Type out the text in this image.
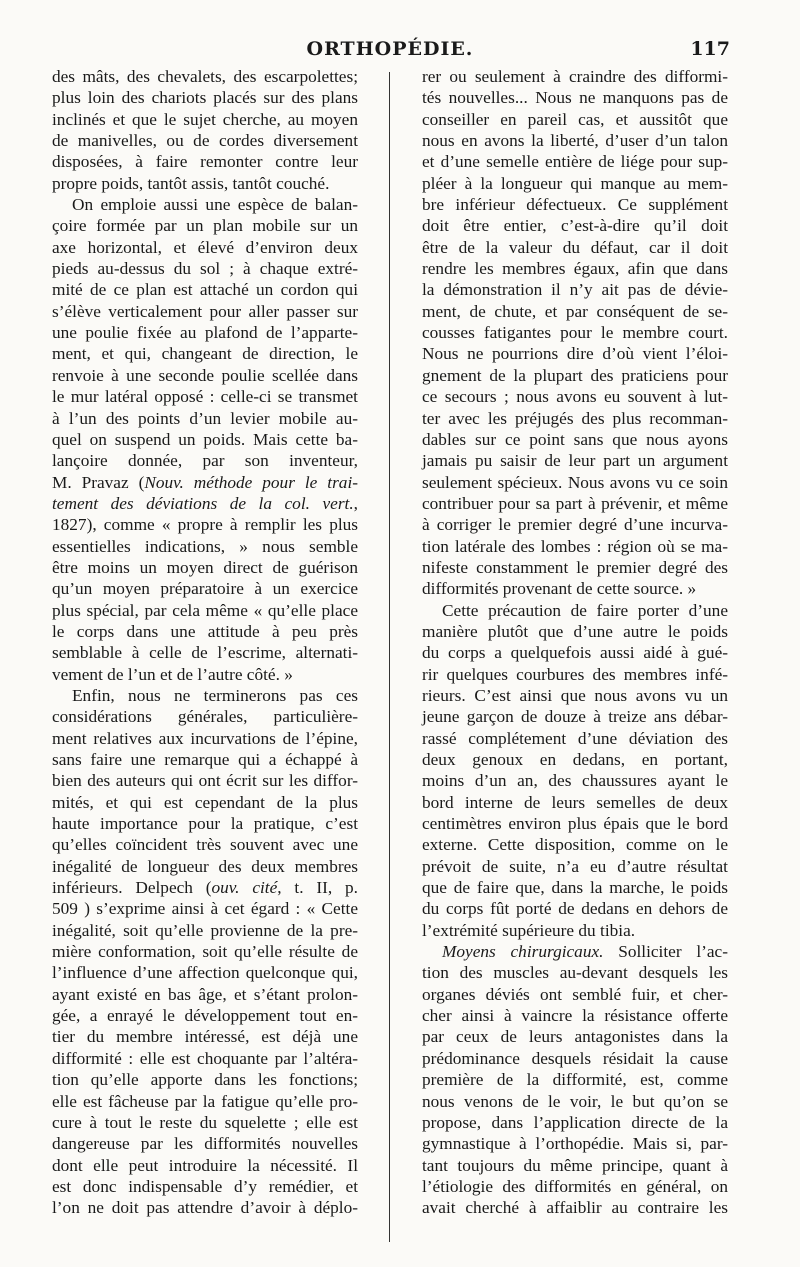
ORTHOPÉDIE.	117

des mâts, des chevalets, des escarpolettes;

plus loin des chariots placés sur des plans

inclinés et que le sujet cherche, au moyen

de manivelles, ou de cordes diversement

disposées, à faire remonter contre leur

propre poids, tantôt assis, tantôt couché.

On emploie aussi une espèce de balan-

çoire formée par un plan mobile sur un

axe horizontal, et élevé d’environ deux

pieds au-dessus du sol ; à chaque extré-

mité de ce plan est attaché un cordon qui

s’élève verticalement pour aller passer sur

une poulie fixée au plafond de l’apparte-

ment, et qui, changeant de direction, le

renvoie à une seconde poulie scellée dans

le mur latéral opposé : celle-ci se transmet

à l’un des points d’un levier mobile au-

quel on suspend un poids. Mais cette ba-

lançoire donnée, par son inventeur,

M. Pravaz (Nouv. méthode pour le trai-

tement des déviations de la col. vert.,

1827), comme « propre à remplir les plus

essentielles indications, » nous semble

être moins un moyen direct de guérison

qu’un moyen préparatoire à un exercice

plus spécial, par cela même « qu’elle place

le corps dans une attitude à peu près

semblable à celle de l’escrime, alternati-

vement de l’un et de l’autre côté. »

Enfin, nous ne terminerons pas ces

considérations générales, particulière-

ment relatives aux incurvations de l’épine,

sans faire une remarque qui a échappé à

bien des auteurs qui ont écrit sur les diffor-

mités, et qui est cependant de la plus

haute importance pour la pratique, c’est

qu’elles coïncident très souvent avec une

inégalité de longueur des deux membres

inférieurs. Delpech (ouv. cité, t. II, p.

509 ) s’exprime ainsi à cet égard : « Cette

inégalité, soit qu’elle provienne de la pre-

mière conformation, soit qu’elle résulte de

l’influence d’une affection quelconque qui,

ayant existé en bas âge, et s’étant prolon-

gée, a enrayé le développement tout en-

tier du membre intéressé, est déjà une

difformité : elle est choquante par l’altéra-

tion qu’elle apporte dans les fonctions;

elle est fâcheuse par la fatigue qu’elle pro-

cure à tout le reste du squelette ; elle est

dangereuse par les difformités nouvelles

dont elle peut introduire la nécessité. Il

est donc indispensable d’y remédier, et

l’on ne doit pas attendre d’avoir à déplo-

rer ou seulement à craindre des difformi-

tés nouvelles... Nous ne manquons pas de

conseiller en pareil cas, et aussitôt que

nous en avons la liberté, d’user d’un talon

et d’une semelle entière de liége pour sup-

pléer à la longueur qui manque au mem-

bre inférieur défectueux. Ce supplément

doit être entier, c’est-à-dire qu’il doit

être de la valeur du défaut, car il doit

rendre les membres égaux, afin que dans

la démonstration il n’y ait pas de dévie-

ment, de chute, et par conséquent de se-

cousses fatigantes pour le membre court.

Nous ne pourrions dire d’où vient l’éloi-

gnement de la plupart des praticiens pour

ce secours ; nous avons eu souvent à lut-

ter avec les préjugés des plus recomman-

dables sur ce point sans que nous ayons

jamais pu saisir de leur part un argument

seulement spécieux. Nous avons vu ce soin

contribuer pour sa part à prévenir, et même

à corriger le premier degré d’une incurva-

tion latérale des lombes : région où se ma-

nifeste constamment le premier degré des

difformités provenant de cette source. »

Cette précaution de faire porter d’une

manière plutôt que d’une autre le poids

du corps a quelquefois aussi aidé à gué-

rir quelques courbures des membres infé-

rieurs. C’est ainsi que nous avons vu un

jeune garçon de douze à treize ans débar-

rassé complétement d’une déviation des

deux genoux en dedans, en portant,

moins d’un an, des chaussures ayant le

bord interne de leurs semelles de deux

centimètres environ plus épais que le bord

externe. Cette disposition, comme on le

prévoit de suite, n’a eu d’autre résultat

que de faire que, dans la marche, le poids

du corps fût porté de dedans en dehors de

l’extrémité supérieure du tibia.

Moyens chirurgicaux. Solliciter l’ac-

tion des muscles au-devant desquels les

organes déviés ont semblé fuir, et cher-

cher ainsi à vaincre la résistance offerte

par ceux de leurs antagonistes dans la

prédominance desquels résidait la cause

première de la difformité, est, comme

nous venons de le voir, le but qu’on se

propose, dans l’application directe de la

gymnastique à l’orthopédie. Mais si, par-

tant toujours du même principe, quant à

l’étiologie des difformités en général, on

avait cherché à affaiblir au contraire les
